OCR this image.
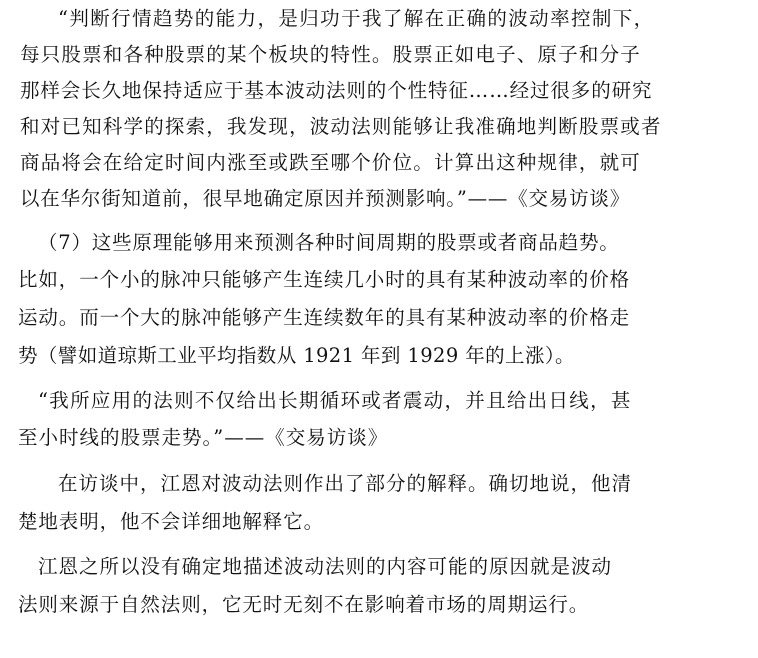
“判断行情趋势的能力，是归功于我了解在正确的波动率控制下，
每只股票和各种股票的某个板块的特性。股票正如电子、原子和分子
那样会长久地保持适应于基本波动法则的个性特征……经过很多的研究
和对已知科学的探索，我发现，波动法则能够让我准确地判断股票或者
商品将会在给定时间内涨至或跌至哪个价位。计算出这种规律，就可
以在华尔街知道前，很早地确定原因并预测影响。”——《交易访谈》
（7）这些原理能够用来预测各种时间周期的股票或者商品趋势。
比如，一个小的脉冲只能够产生连续几小时的具有某种波动率的价格
运动。而一个大的脉冲能够产生连续数年的具有某种波动率的价格走
势（譬如道琼斯工业平均指数从 1921 年到 1929 年的上涨）。
“我所应用的法则不仅给出长期循环或者震动，并且给出日线，甚
至小时线的股票走势。”——《交易访谈》
在访谈中，江恩对波动法则作出了部分的解释。确切地说，他清
楚地表明，他不会详细地解释它。
江恩之所以没有确定地描述波动法则的内容可能的原因就是波动
法则来源于自然法则，它无时无刻不在影响着市场的周期运行。
